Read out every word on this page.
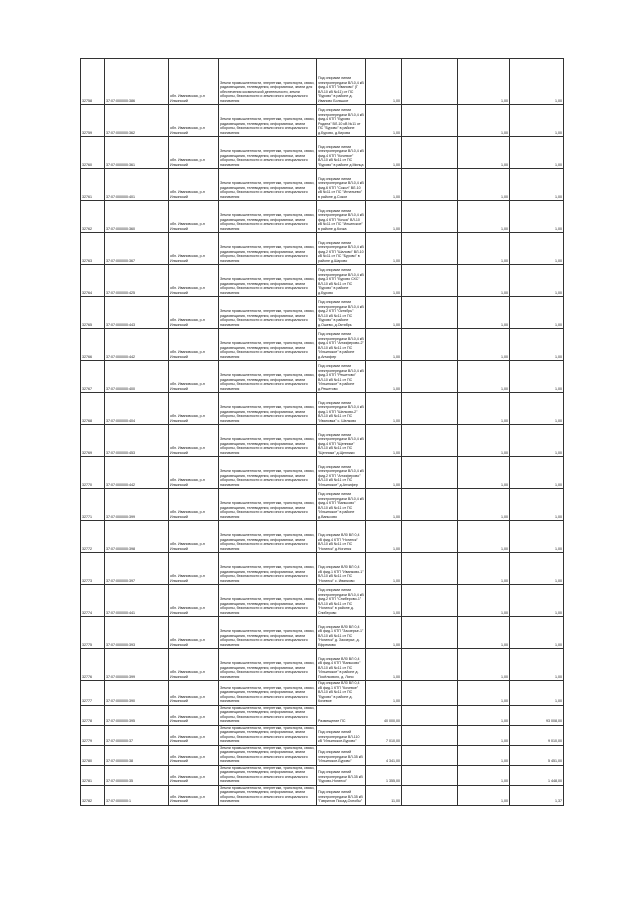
32758	37:07:000000:386	обл. Ивановская, р-н Ильинский	Земли промышленности, энергетики, транспорта, связи, радиовещания, телевидения, информатики, земли для обеспечения космической деятельности, земли обороны, безопасности и земли иного специального назначения	Под опорами линии электропередачи ВЛ-0,4 кВ фид.4 КТП "Иваново" (Г ВЛ-10 кВ №11) от ПС "Бурово" в районе д. Иваново Большое	1,00		1,00	1,00
32759	37:07:000000:362	обл. Ивановская, р-н Ильинский	Земли промышленности, энергетики, транспорта, связи, радиовещания, телевидения, информатики, земли обороны, безопасности и земли иного специального назначения	Под опорами линии электропередачи ВЛ-0,4 кВ фид.4 КТП "Бурово Родина" ВЛ-10 кВ №11 от ПС "Бурово" в районе д.Бурово, д.Кирова	1,00		1,00	1,00
32760	37:07:000000:361	обл. Ивановская, р-н Ильинский	Земли промышленности, энергетики, транспорта, связи, радиовещания, телевидения, информатики, земли обороны, безопасности и земли иного специального назначения	Под опорами линии электропередачи ВЛ-0,4 кВ фид.4 КТП "Кочевое" ВЛ-10 кВ №11 от ПС "Бурово" в районе д.Минца	1,00		1,00	1,00
32761	37:07:000000:401	обл. Ивановская, р-н Ильинский	Земли промышленности, энергетики, транспорта, связи, радиовещания, телевидения, информатики, земли обороны, безопасности и земли иного специального назначения	Под опорами линии электропередачи ВЛ-0,4 кВ фид.6 КТП "Сокол" ВЛ-10 кВ №11 от ПС "Игнатьево" в районе д.Сокол	1,00		1,00	1,00
32762	37:07:000000:360	обл. Ивановская, р-н Ильинский	Земли промышленности, энергетики, транспорта, связи, радиовещания, телевидения, информатики, земли обороны, безопасности и земли иного специального назначения	Под опорами линии электропередачи ВЛ-0,4 кВ фид.4 КТП "Кочка" ВЛ-10 кВ №11 от ПС "Ильинское" в районе д.Кочка	1,00		1,00	1,00
32763	37:07:000000:367	обл. Ивановская, р-н Ильинский	Земли промышленности, энергетики, транспорта, связи, радиовещания, телевидения, информатики, земли обороны, безопасности и земли иного специального назначения	Под опорами линии электропередачи ВЛ-0,4 кВ фид.2 КТП "Шалово" ВЛ-10 кВ №11 от ПС "Бурово" в районе д.Шарово	1,00		1,00	1,00
32764	37:07:000000:425	обл. Ивановская, р-н Ильинский	Земли промышленности, энергетики, транспорта, связи, радиовещания, телевидения, информатики, земли обороны, безопасности и земли иного специального назначения	Под опорами линии электропередачи ВЛ-0,4 кВ фид.3 КТП "Бурово СХС" ВЛ-10 кВ №11 от ПС "Бурово" в районе д.Бурово	1,00		1,00	1,00
32765	37:07:000000:443	обл. Ивановская, р-н Ильинский	Земли промышленности, энергетики, транспорта, связи, радиовещания, телевидения, информатики, земли обороны, безопасности и земли иного специального назначения	Под опорами линии электропередачи ВЛ-0,4 кВ фид.2 КТП "Октябрь" ВЛ-10 кВ №11 от ПС "Бурово" в районе д.Ошево, д.Октябрь	1,00		1,00	1,00
32766	37:07:000000:442	обл. Ивановская, р-н Ильинский	Земли промышленности, энергетики, транспорта, связи, радиовещания, телевидения, информатики, земли обороны, безопасности и земли иного специального назначения	Под опорами линии электропередачи ВЛ-0,4 кВ фид.4 КТП "Анчиферово-2" ВЛ-10 кВ №11 от ПС "Ильинское" в районе д.Анчифер	1,00		1,00	1,00
32767	37:07:000000:400	обл. Ивановская, р-н Ильинский	Земли промышленности, энергетики, транспорта, связи, радиовещания, телевидения, информатики, земли обороны, безопасности и земли иного специального назначения	Под опорами линии электропередачи ВЛ-0,4 кВ фид.3 КТП "Решетово" ВЛ-10 кВ №11 от ПС "Ильинское" в районе д.Решетово	1,00		1,00	1,00
32768	37:07:000000:404	обл. Ивановская, р-н Ильинский	Земли промышленности, энергетики, транспорта, связи, радиовещания, телевидения, информатики, земли обороны, безопасности и земли иного специального назначения	Под опорами линии электропередачи ВЛ-0,4 кВ фид.1 КТП "Шелково-2" ВЛ-10 кВ №11 от ПС "Ивановка" с. Шелково	1,00		1,00	1,00
32769	37:07:000000:453	обл. Ивановская, р-н Ильинский	Земли промышленности, энергетики, транспорта, связи, радиовещания, телевидения, информатики, земли обороны, безопасности и земли иного специального назначения	Под опорами линии электропередачи ВЛ-0,4 кВ фид.4 КТП "Щенники" ВЛ-10 кВ №11 от ПС "Щенники" д.Щенники	1,00		1,00	1,00
32770	37:07:000000:442	обл. Ивановская, р-н Ильинский	Земли промышленности, энергетики, транспорта, связи, радиовещания, телевидения, информатики, земли обороны, безопасности и земли иного специального назначения	Под опорами линии электропередачи ВЛ-0,4 кВ фид.2 КТП "Анчиферово" ВЛ-10 кВ №11 от ПС "Ильинское" д.Анчифер	1,00		1,00	1,00
32771	37:07:000000:399	обл. Ивановская, р-н Ильинский	Земли промышленности, энергетики, транспорта, связи, радиовещания, телевидения, информатики, земли обороны, безопасности и земли иного специального назначения	Под опорами линии электропередачи ВЛ-0,4 кВ фид.4 КТП "Вапьсово" ВЛ-10 кВ №11 от ПС "Ильинское" в районе д.Вапьсово	1,00		1,00	1,00
32772	37:07:000000:398	обл. Ивановская, р-н Ильинский	Земли промышленности, энергетики, транспорта, связи, радиовещания, телевидения, информатики, земли обороны, безопасности и земли иного специального назначения	Под опорами ВЛ0 ВЛ 0,4 кВ фид.4 КТП "Ногинск" ВЛ-10 кВ №11 от ПС "Ногинск" д.Ногинск	1,00		1,00	1,00
32773	37:07:000000:397	обл. Ивановская, р-н Ильинский	Земли промышленности, энергетики, транспорта, связи, радиовещания, телевидения, информатики, земли обороны, безопасности и земли иного специального назначения	Под опорами ВЛ0 ВЛ 0,4 кВ фид.1 КТП "Иванково-1" ВЛ-10 кВ №11 от ПС "Ногинск" с. Иванково	1,00		1,00	1,00
32774	37:07:000000:441	обл. Ивановская, р-н Ильинский	Земли промышленности, энергетики, транспорта, связи, радиовещания, телевидения, информатики, земли обороны, безопасности и земли иного специального назначения	Под опорами линии электропередачи ВЛ-0,4 кВ фид.2 КТП "Спиберово-1" ВЛ-10 кВ №11 от ПС "Ногинск" в районе д. Спиберово	1,00		1,00	1,00
32775	37:07:000000:393	обл. Ивановская, р-н Ильинский	Земли промышленности, энергетики, транспорта, связи, радиовещания, телевидения, информатики, земли обороны, безопасности и земли иного специального назначения	Под опорами ВЛ0 ВЛ 0,4 кВ фид.1 КТП "Заозерье-1" ВЛ-10 кВ №11 от ПС "Ногинск" д. Заозерье, д. Ефремово	1,00		1,00	1,00
32776	37:07:000000:399	обл. Ивановская, р-н Ильинский	Земли промышленности, энергетики, транспорта, связи, радиовещания, телевидения, информатики, земли обороны, безопасности и земли иного специального назначения	Под опорами ВЛ0 ВЛ 0,4 кВ фид.4 КТП "Вапьсово" ВЛ-10 кВ №11 от ПС "Ильинское" в районе д. Посёлкового, д. Липо	1,00		1,00	1,00
32777	37:07:000000:390	обл. Ивановская, р-н Ильинский	Земли промышленности, энергетики, транспорта, связи, радиовещания, телевидения, информатики, земли обороны, безопасности и земли иного специального назначения	Под опорами ВЛ0 ВЛ 0,4 кВ фид.1 КТП "Кочевое" ВЛ-10 кВ №11 от ПС "Бурово" в районе д. Кочевое	1,00		1,00	1,00
32778	37:07:000000:395	обл. Ивановская, р-н Ильинский	Земли промышленности, энергетики, транспорта, связи, радиовещания, телевидения, информатики, земли обороны, безопасности и земли иного специального назначения	Размещение ПС	40 000,00		1,00	93 008,00
32779	37:07:000000:37	обл. Ивановская, р-н Ильинский	Земли промышленности, энергетики, транспорта, связи, радиовещания, телевидения, информатики, земли обороны, безопасности и земли иного специального назначения	Под опорами линий электропередачи ВЛ-110 кВ "Ильинское-Бурово"	7 010,00		1,00	9 010,00
32780	37:07:000000:38	обл. Ивановская, р-н Ильинский	Земли промышленности, энергетики, транспорта, связи, радиовещания, телевидения, информатики, земли обороны, безопасности и земли иного специального назначения	Под опорами линий электропередачи ВЛ-35 кВ "Ильинское-Бурово"	4 341,00		1,00	5 451,00
32781	37:07:000000:35	обл. Ивановская, р-н Ильинский	Земли промышленности, энергетики, транспорта, связи, радиовещания, телевидения, информатики, земли обороны, безопасности и земли иного специального назначения	Под опорами линий электропередачи ВЛ-35 кВ "Бурово-Ногинск"	1 355,00		1,00	1 448,00
32782	37:07:000000:1	обл. Ивановская, р-н Ильинский	Земли промышленности, энергетики, транспорта, связи, радиовещания, телевидения, информатики, земли обороны, безопасности и земли иного специального назначения	Под опорами линий электропередачи ВЛ-35 кВ "Гаврилов Посад-Оснобы"	11,00		1,00	1,37
